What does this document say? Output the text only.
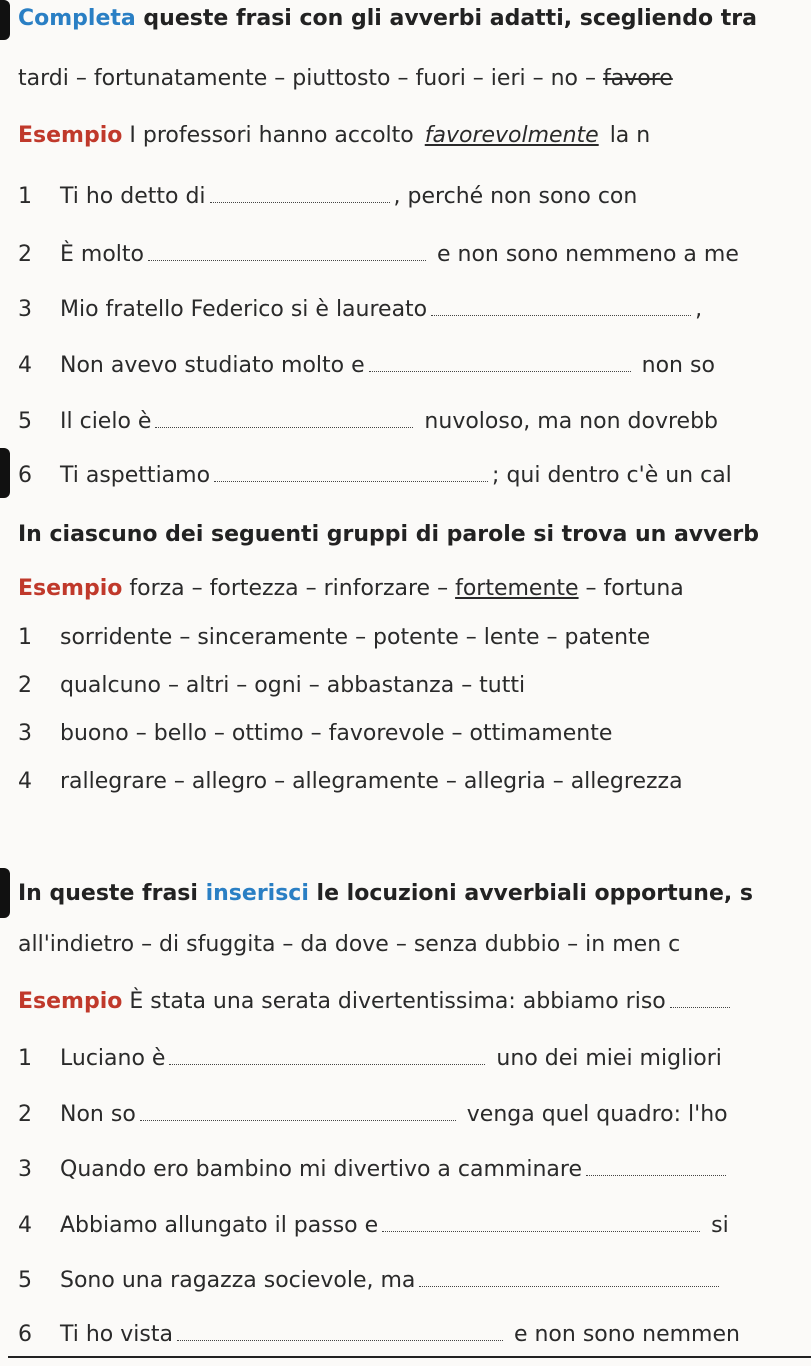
Completa queste frasi con gli avverbi adatti, scegliendo tra
tardi – fortunatamente – piuttosto – fuori – ieri – no – favore
Esempio I professori hanno accolto favorevolmente la n
1 Ti ho detto di	, perché non sono con
2 È molto	e non sono nemmeno a me
3 Mio fratello Federico si è laureato	,
4 Non avevo studiato molto e	non so
5 Il cielo è	nuvoloso, ma non dovrebb
6 Ti aspettiamo	; qui dentro c'è un cal
In ciascuno dei seguenti gruppi di parole si trova un avverb
Esempio forza – fortezza – rinforzare – fortemente – fortuna
1 sorridente – sinceramente – potente – lente – patente
2 qualcuno – altri – ogni – abbastanza – tutti
3 buono – bello – ottimo – favorevole – ottimamente
4 rallegrare – allegro – allegramente – allegria – allegrezza
In queste frasi inserisci le locuzioni avverbiali opportune, s
all'indietro – di sfuggita – da dove – senza dubbio – in men c
Esempio È stata una serata divertentissima: abbiamo riso
1 Luciano è	uno dei miei migliori
2 Non so	venga quel quadro: l'ho
3 Quando ero bambino mi divertivo a camminare
4 Abbiamo allungato il passo e	si
5 Sono una ragazza socievole, ma
6 Ti ho vista	e non sono nemmen
